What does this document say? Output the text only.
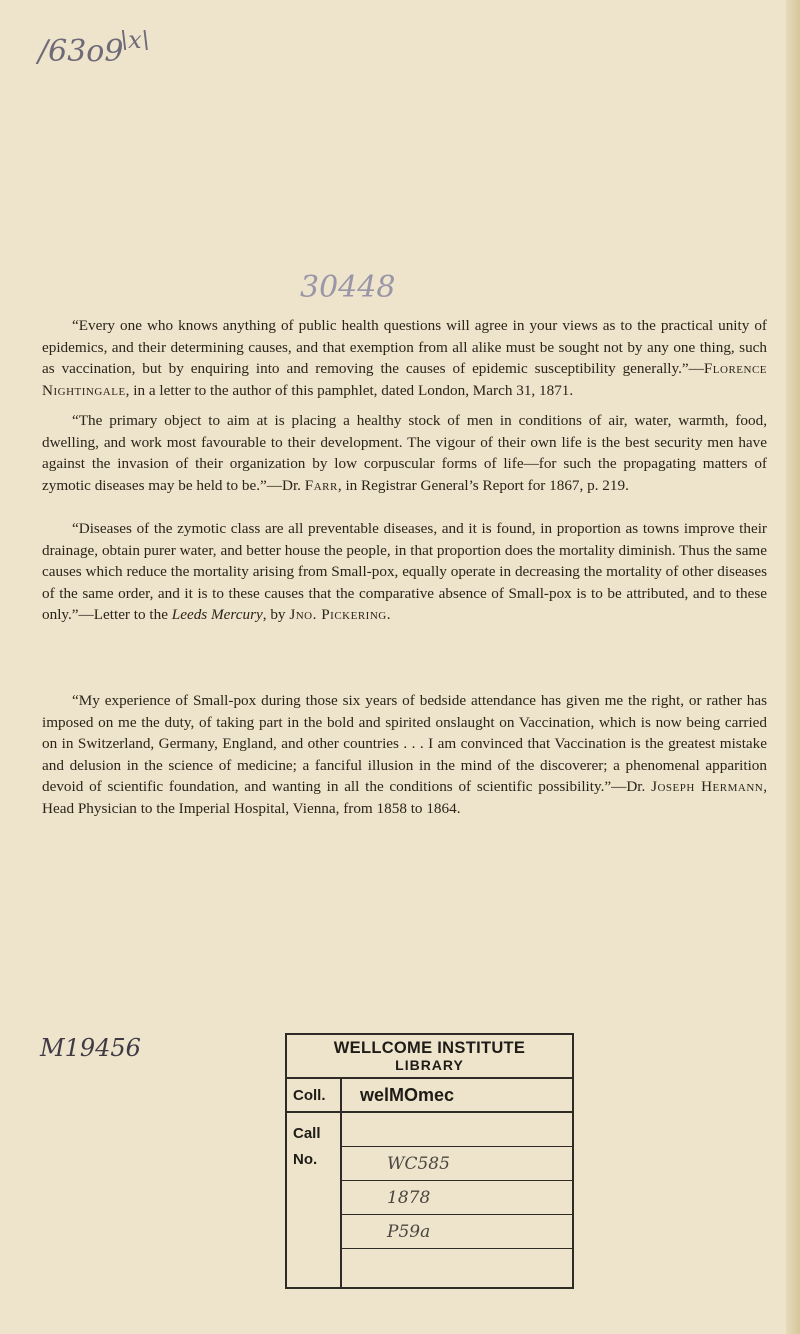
/63o9
\x\
30448

“Every one who knows anything of public health questions will agree in your views as to the practical unity of epidemics, and their determining causes, and that exemption from all alike must be sought not by any one thing, such as vaccination, but by enquiring into and removing the causes of epidemic susceptibility generally.”—Florence Nightingale, in a letter to the author of this pamphlet, dated London, March 31, 1871.

“The primary object to aim at is placing a healthy stock of men in conditions of air, water, warmth, food, dwelling, and work most favourable to their development. The vigour of their own life is the best security men have against the invasion of their organization by low corpuscular forms of life—for such the propagating matters of zymotic diseases may be held to be.”—Dr. Farr, in Registrar General’s Report for 1867, p. 219.

“Diseases of the zymotic class are all preventable diseases, and it is found, in proportion as towns improve their drainage, obtain purer water, and better house the people, in that proportion does the mortality diminish. Thus the same causes which reduce the mortality arising from Small-pox, equally operate in decreasing the mortality of other diseases of the same order, and it is to these causes that the comparative absence of Small-pox is to be attributed, and to these only.”—Letter to the Leeds Mercury, by Jno. Pickering.

“My experience of Small-pox during those six years of bedside attendance has given me the right, or rather has imposed on me the duty, of taking part in the bold and spirited onslaught on Vaccination, which is now being carried on in Switzerland, Germany, England, and other countries . . . I am convinced that Vaccination is the greatest mistake and delusion in the science of medicine; a fanciful illusion in the mind of the discoverer; a phenomenal apparition devoid of scientific foundation, and wanting in all the conditions of scientific possibility.”—Dr. Joseph Hermann, Head Physician to the Imperial Hospital, Vienna, from 1858 to 1864.

M19456	WELLCOME INSTITUTE
LIBRARY
Coll.
Call
No.
welMOmec
WC585
1878
P59a
